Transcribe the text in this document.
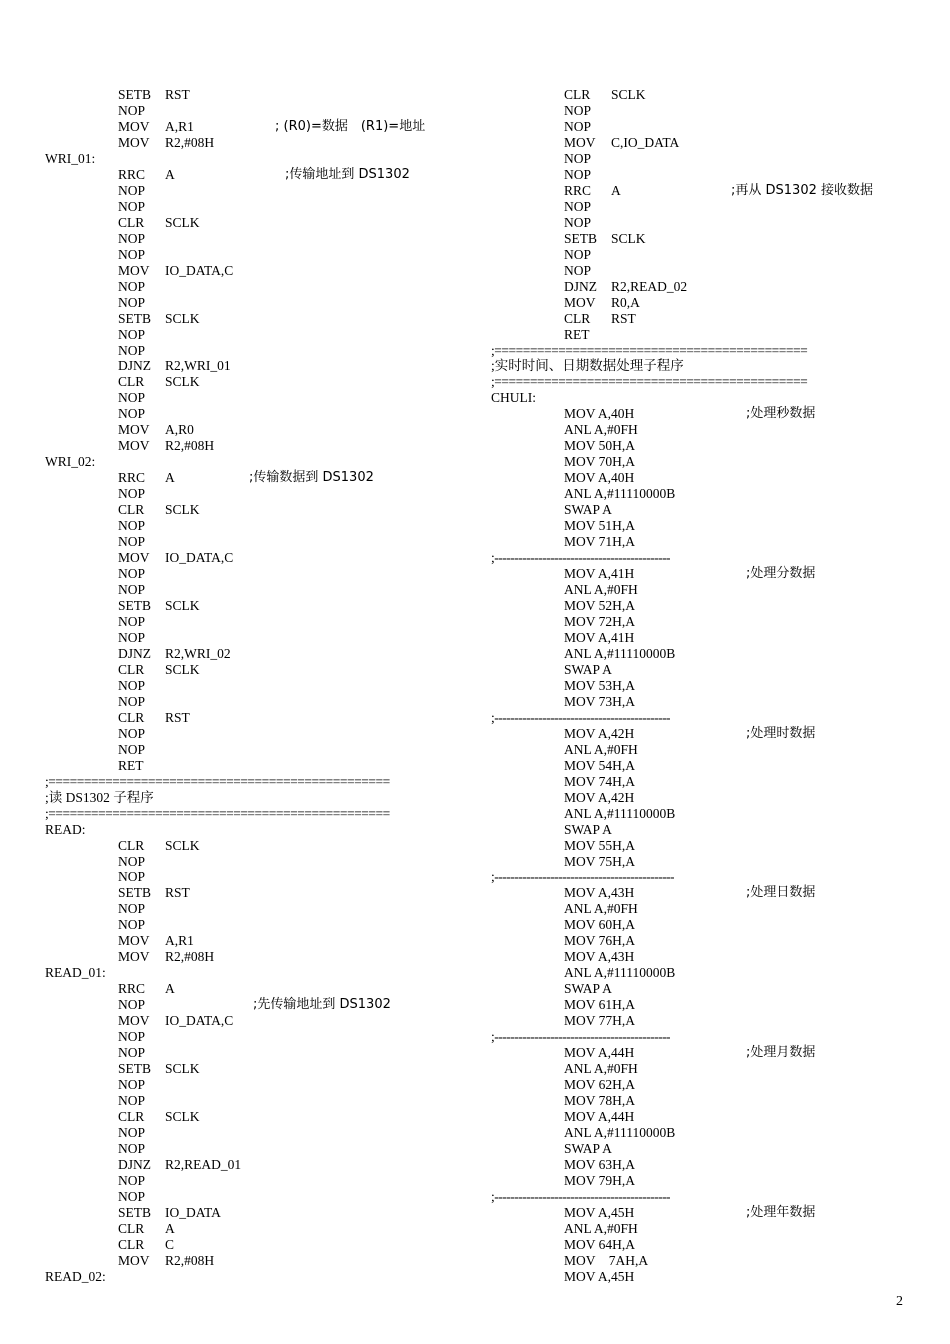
SETB RST
NOP
MOV A,R1	; (R0)=数据　(R1)=地址
MOV R2,#08H
WRI_01:
RRC A	;传输地址到 DS1302
NOP
NOP
CLR SCLK
NOP
NOP
MOV IO_DATA,C
NOP
NOP
SETB SCLK
NOP
NOP
DJNZ R2,WRI_01
CLR SCLK
NOP
NOP
MOV A,R0
MOV R2,#08H
WRI_02:
RRC A	;传输数据到 DS1302
NOP
CLR SCLK
NOP
NOP
MOV IO_DATA,C
NOP
NOP
SETB SCLK
NOP
NOP
DJNZ R2,WRI_02
CLR SCLK
NOP
NOP
CLR RST
NOP
NOP
RET
;================================================
;读 DS1302 子程序
;================================================
READ:
CLR SCLK
NOP
NOP
SETB RST
NOP
NOP
MOV A,R1
MOV R2,#08H
READ_01:
RRC A
NOP	;先传输地址到 DS1302
MOV IO_DATA,C
NOP
NOP
SETB SCLK
NOP
NOP
CLR SCLK
NOP
NOP
DJNZ R2,READ_01
NOP
NOP
SETB IO_DATA
CLR A
CLR C
MOV R2,#08H
READ_02:
CLR SCLK
NOP
NOP
MOV C,IO_DATA
NOP
NOP
RRC A	;再从 DS1302 接收数据
NOP
NOP
SETB SCLK
NOP
NOP
DJNZ R2,READ_02
MOV R0,A
CLR RST
RET
;============================================
;实时时间、日期数据处理子程序
;============================================
CHULI:
MOV A,40H	;处理秒数据
ANL A,#0FH
MOV 50H,A
MOV 70H,A
MOV A,40H
ANL A,#11110000B
SWAP A
MOV 51H,A
MOV 71H,A
;--------------------------------------------
MOV A,41H	;处理分数据
ANL A,#0FH
MOV 52H,A
MOV 72H,A
MOV A,41H
ANL A,#11110000B
SWAP A
MOV 53H,A
MOV 73H,A
;--------------------------------------------
MOV A,42H	;处理时数据
ANL A,#0FH
MOV 54H,A
MOV 74H,A
MOV A,42H
ANL A,#11110000B
SWAP A
MOV 55H,A
MOV 75H,A
;---------------------------------------------
MOV A,43H	;处理日数据
ANL A,#0FH
MOV 60H,A
MOV 76H,A
MOV A,43H
ANL A,#11110000B
SWAP A
MOV 61H,A
MOV 77H,A
;--------------------------------------------
MOV A,44H	;处理月数据
ANL A,#0FH
MOV 62H,A
MOV 78H,A
MOV A,44H
ANL A,#11110000B
SWAP A
MOV 63H,A
MOV 79H,A
;--------------------------------------------
MOV A,45H	;处理年数据
ANL A,#0FH
MOV 64H,A
MOV　7AH,A
MOV A,45H
2
